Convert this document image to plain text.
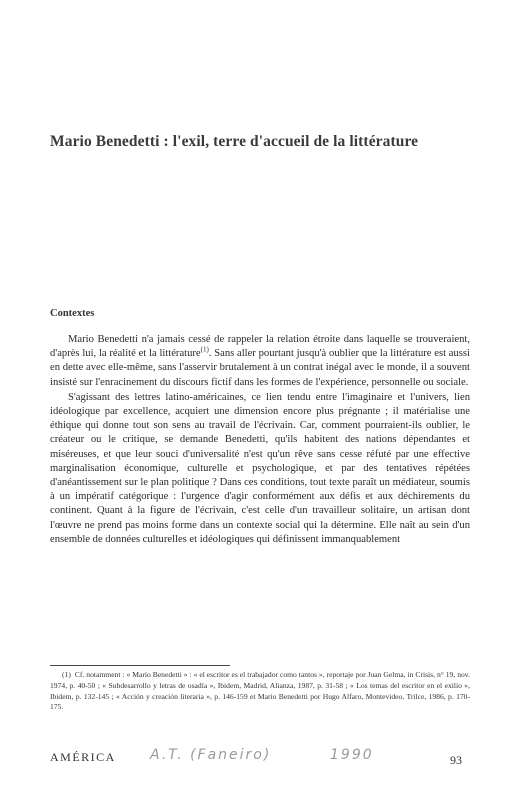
Mario Benedetti : l'exil, terre d'accueil de la littérature
Contextes

Mario Benedetti n'a jamais cessé de rappeler la relation étroite dans laquelle se trouveraient, d'après lui, la réalité et la littérature$^{(1)}$. Sans aller pourtant jusqu'à oublier que la littérature est aussi en dette avec elle-même, sans l'asservir brutalement à un contrat inégal avec le monde, il a souvent insisté sur l'enracinement du discours fictif dans les formes de l'expérience, personnelle ou sociale.

S'agissant des lettres latino-américaines, ce lien tendu entre l'imaginaire et l'univers, lien idéologique par excellence, acquiert une dimension encore plus prégnante ; il matérialise une éthique qui donne tout son sens au travail de l'écrivain. Car, comment pourraient-ils oublier, le créateur ou le critique, se demande Benedetti, qu'ils habitent des nations dépendantes et miséreuses, et que leur souci d'universalité n'est qu'un rêve sans cesse réfuté par une effective marginalisation économique, culturelle et psychologique, et par des tentatives répétées d'anéantissement sur le plan politique ? Dans ces conditions, tout texte paraît un médiateur, soumis à un impératif catégorique : l'urgence d'agir conformément aux défis et aux déchirements du continent. Quant à la figure de l'écrivain, c'est celle d'un travailleur solitaire, un artisan dont l'œuvre ne prend pas moins forme dans un contexte social qui la détermine. Elle naît au sein d'un ensemble de données culturelles et idéologiques qui définissent immanquablement

(1) Cf. notamment : « Mario Benedetti » : « el escritor es el trabajador como tantos », reportaje por Juan Gelma, in Crisis, n° 19, nov. 1974, p. 40-50 ; « Subdesarrollo y letras de osadía », Ibidem, Madrid, Alianza, 1987, p. 31-58 ; « Los temas del escritor en el exilio », Ibidem, p. 132-145 ; « Acción y creación literaria », p. 146-159 et Mario Benedetti por Hugo Alfaro, Montevideo, Trilce, 1986, p. 170-175.
AMÉRICA A.T. (Faneiro)	1990	93
